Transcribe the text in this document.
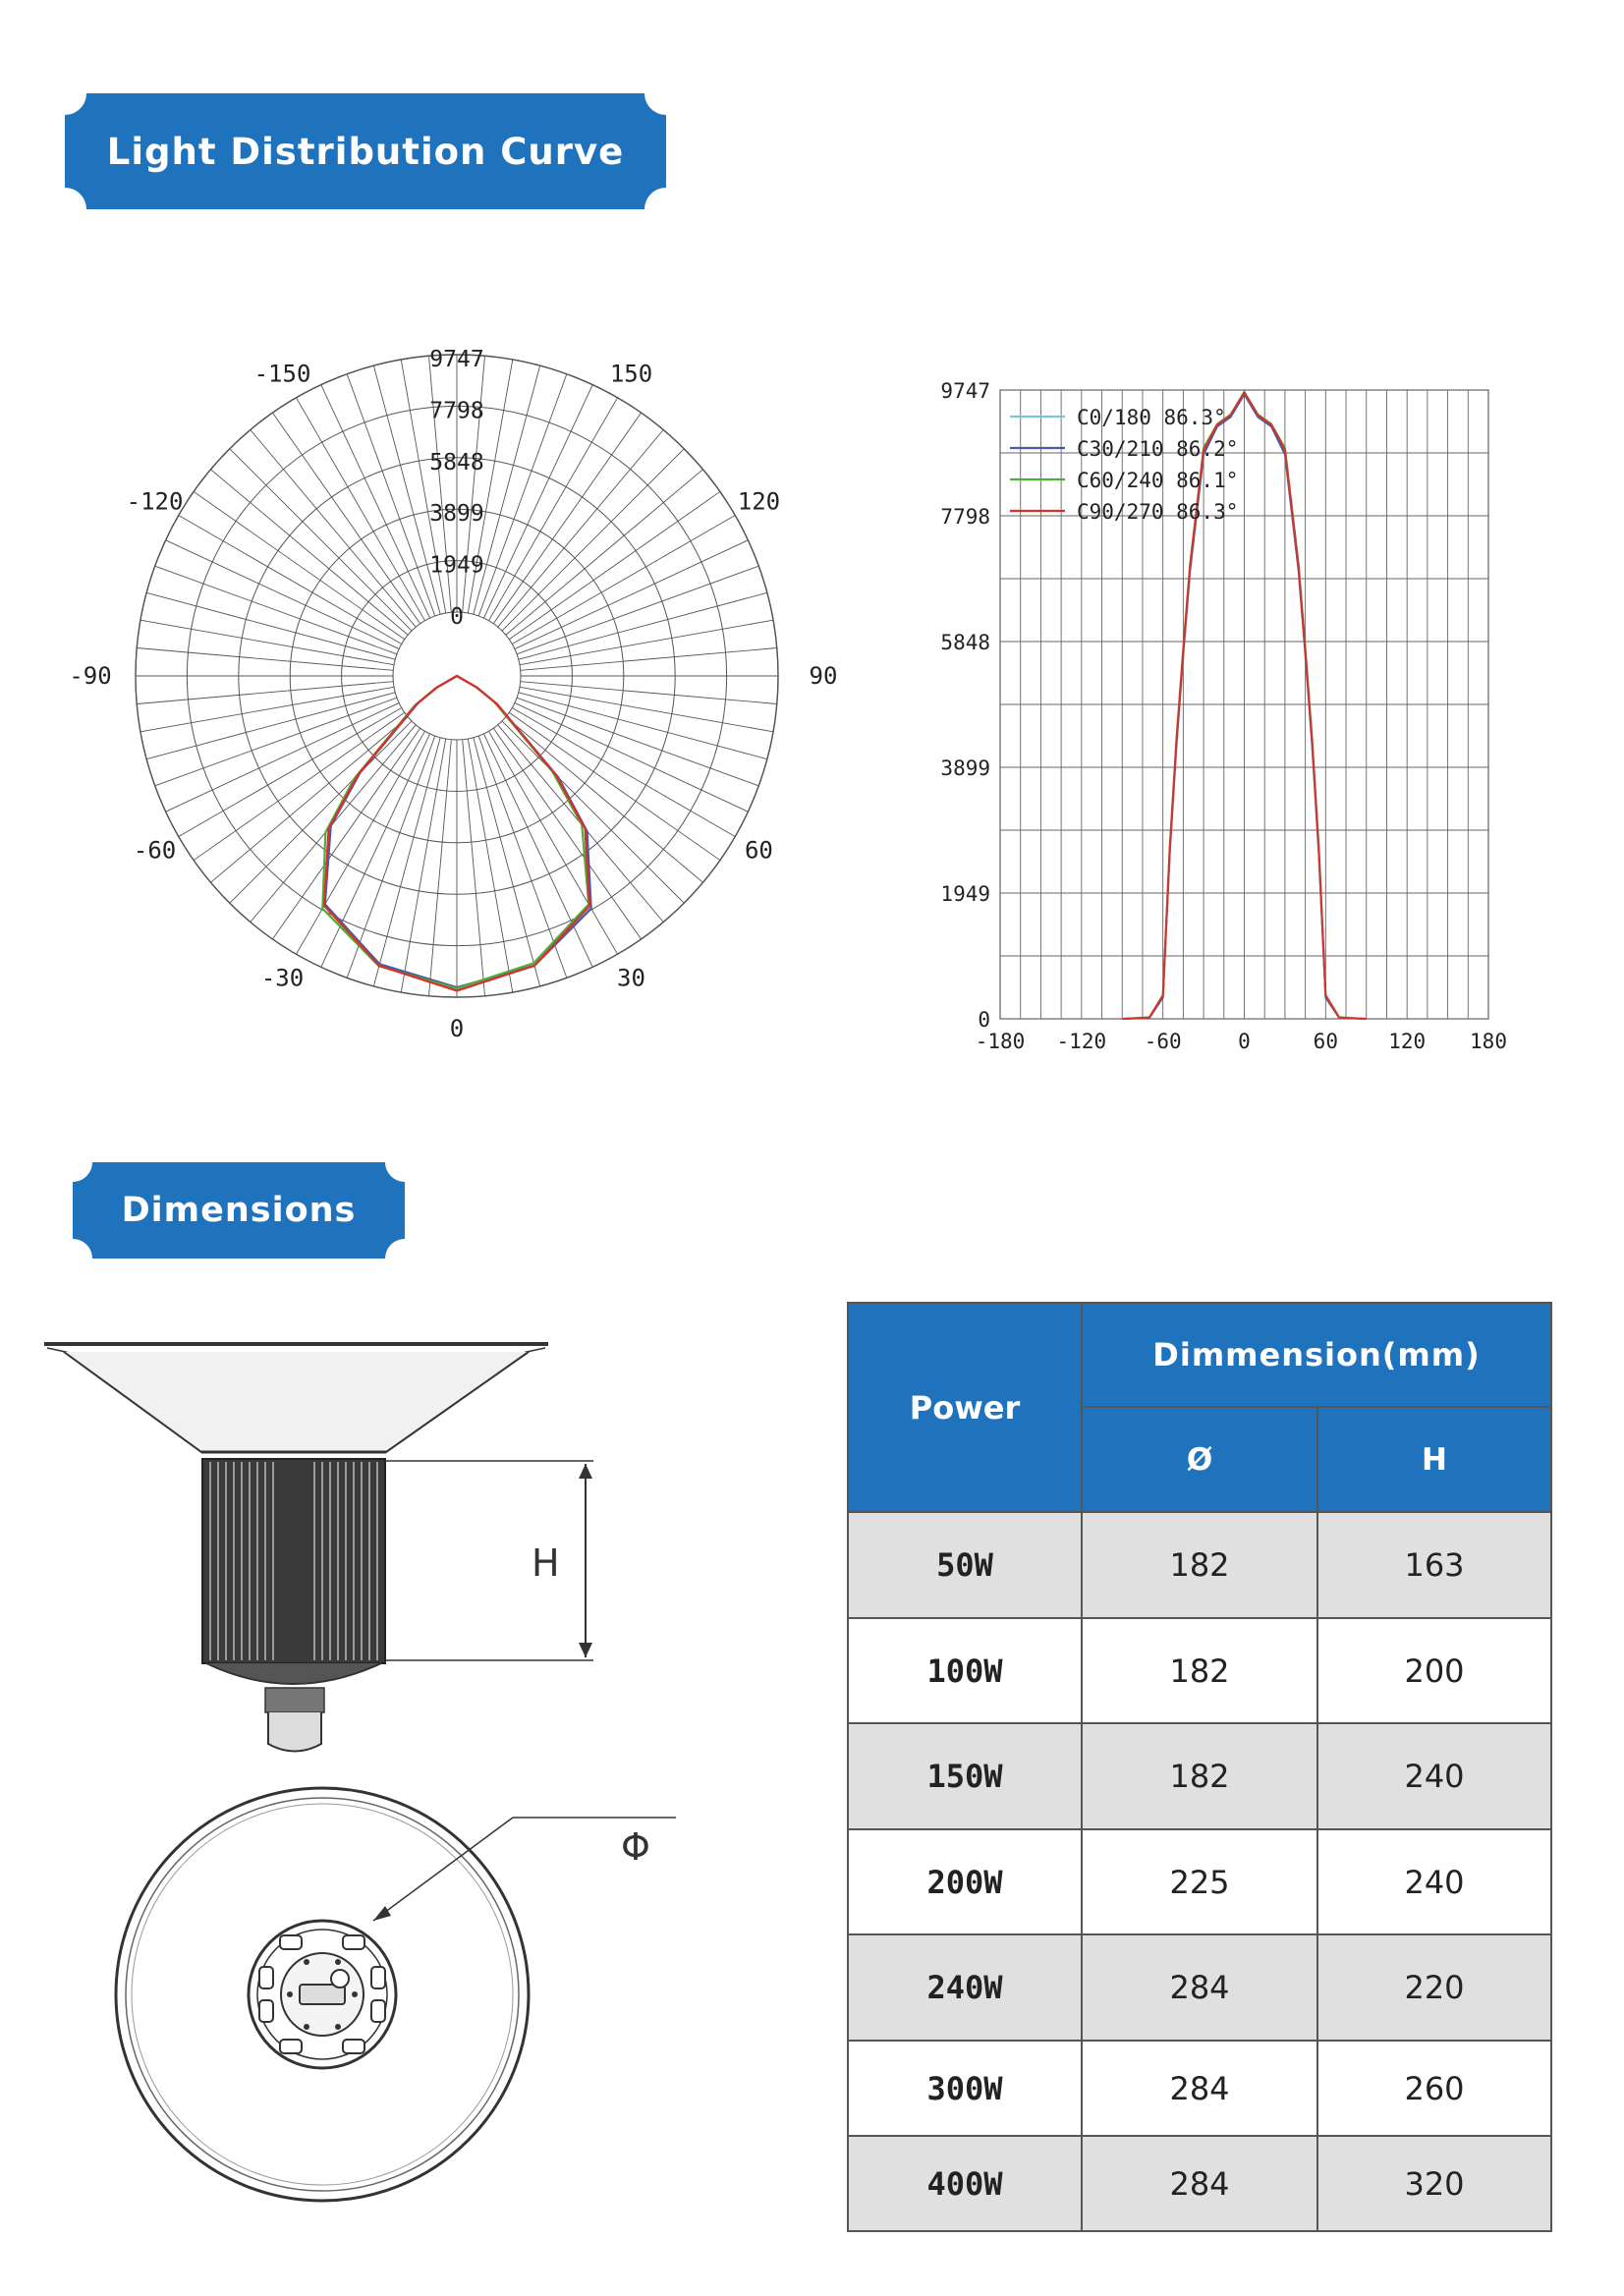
Light Distribution Curve
Dimensions
0
1949
3899
5848
7798
9747
-150	150
-120	120
-90	90
-60	60
-30	30
0	0
1949
3899
5848
7798
9747
-180 -120 -60	0	60 120 180
C0/180 86.3°
C30/210 86.2°
C60/240 86.1°
C90/270 86.3°
H
Φ
Power	Dimmension(mm)	
	Ø	H
50W	182	163
100W	182	200
150W	182	240
200W	225	240
240W	284	220
300W	284	260
400W	284	320
